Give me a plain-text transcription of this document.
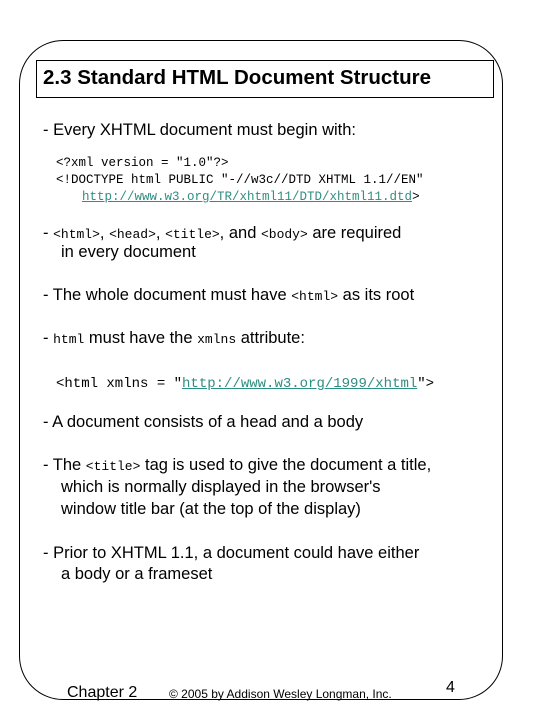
2.3 Standard HTML Document Structure
- Every XHTML document must begin with:
<?xml version = "1.0"?>
<!DOCTYPE html PUBLIC "-//w3c//DTD XHTML 1.1//EN"
http://www.w3.org/TR/xhtml11/DTD/xhtml11.dtd>
- <html>, <head>, <title>, and <body> are required
in every document
- The whole document must have <html> as its root
- html must have the xmlns attribute:
<html xmlns = "http://www.w3.org/1999/xhtml">
- A document consists of a head and a body
- The <title> tag is used to give the document a title,
which is normally displayed in the browser's
window title bar (at the top of the display)
- Prior to XHTML 1.1, a document could have either
a body or a frameset
Chapter 2	© 2005 by Addison Wesley Longman, Inc.	4
